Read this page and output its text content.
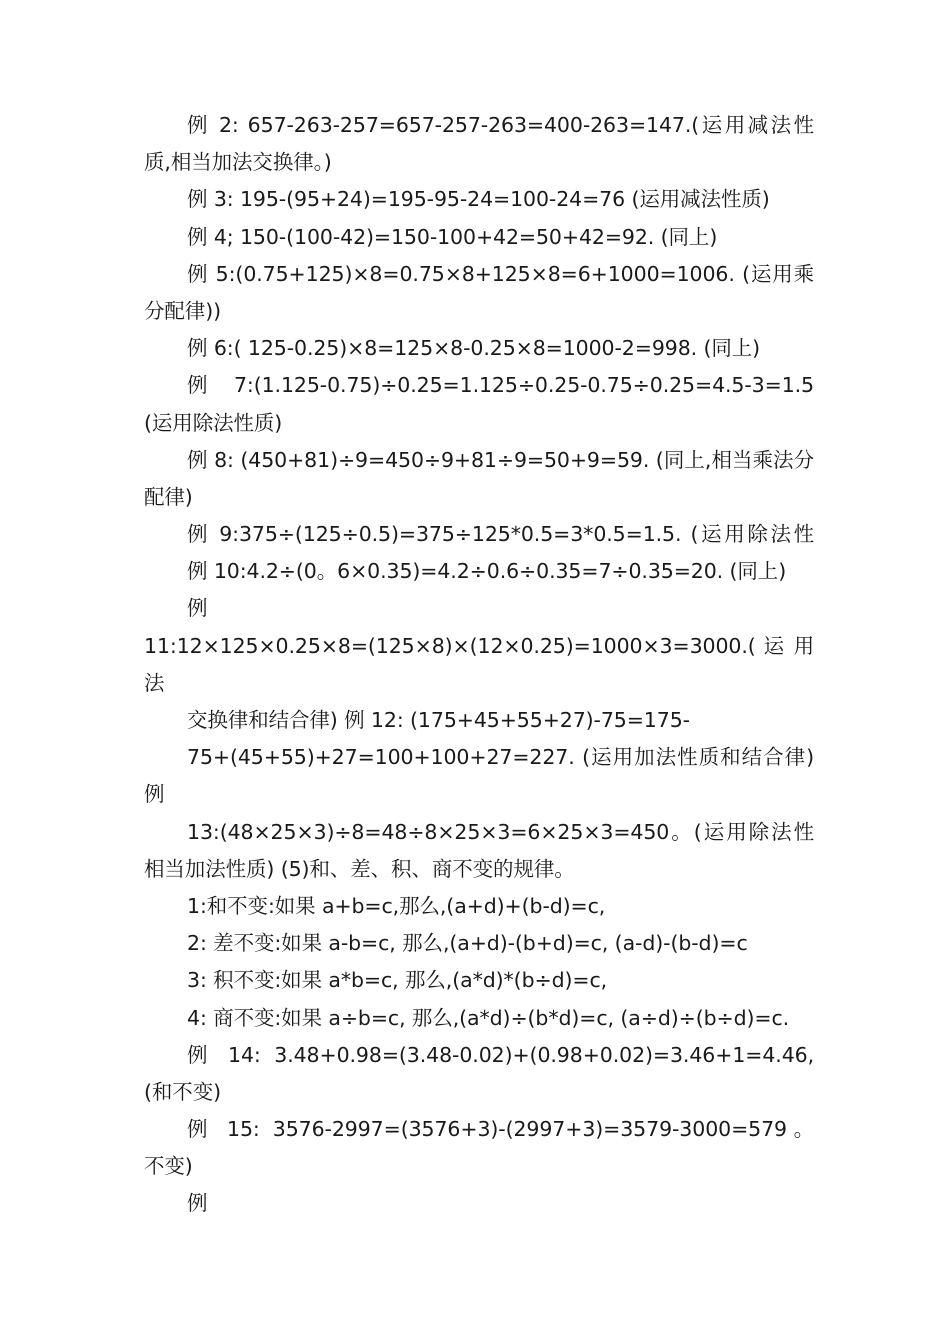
例 2: 657-263-257=657-257-263=400-263=147.(运用减法性
质,相当加法交换律。)
例 3: 195-(95+24)=195-95-24=100-24=76 (运用减法性质)
例 4; 150-(100-42)=150-100+42=50+42=92. (同上)
例 5:(0.75+125)×8=0.75×8+125×8=6+1000=1006. (运用乘
分配律))
例 6:( 125-0.25)×8=125×8-0.25×8=1000-2=998. (同上)
例 7:(1.125-0.75)÷0.25=1.125÷0.25-0.75÷0.25=4.5-3=1.5
(运用除法性质)
例 8: (450+81)÷9=450÷9+81÷9=50+9=59. (同上,相当乘法分
配律)
例 9:375÷(125÷0.5)=375÷125*0.5=3*0.5=1.5. (运用除法性
例 10:4.2÷(0。6×0.35)=4.2÷0.6÷0.35=7÷0.35=20. (同上)
例
11:12×125×0.25×8=(125×8)×(12×0.25)=1000×3=3000.( 运 用
法
交换律和结合律) 例 12: (175+45+55+27)-75=175-
75+(45+55)+27=100+100+27=227. (运用加法性质和结合律)
例
13:(48×25×3)÷8=48÷8×25×3=6×25×3=450。(运用除法性
相当加法性质) (5)和、差、积、商不变的规律。
1:和不变:如果 a+b=c,那么,(a+d)+(b-d)=c,
2: 差不变:如果 a-b=c, 那么,(a+d)-(b+d)=c, (a-d)-(b-d)=c
3: 积不变:如果 a*b=c, 那么,(a*d)*(b÷d)=c,
4: 商不变:如果 a÷b=c, 那么,(a*d)÷(b*d)=c, (a÷d)÷(b÷d)=c.
例 14: 3.48+0.98=(3.48-0.02)+(0.98+0.02)=3.46+1=4.46,
(和不变)
例 15: 3576-2997=(3576+3)-(2997+3)=3579-3000=579。
不变)
例
